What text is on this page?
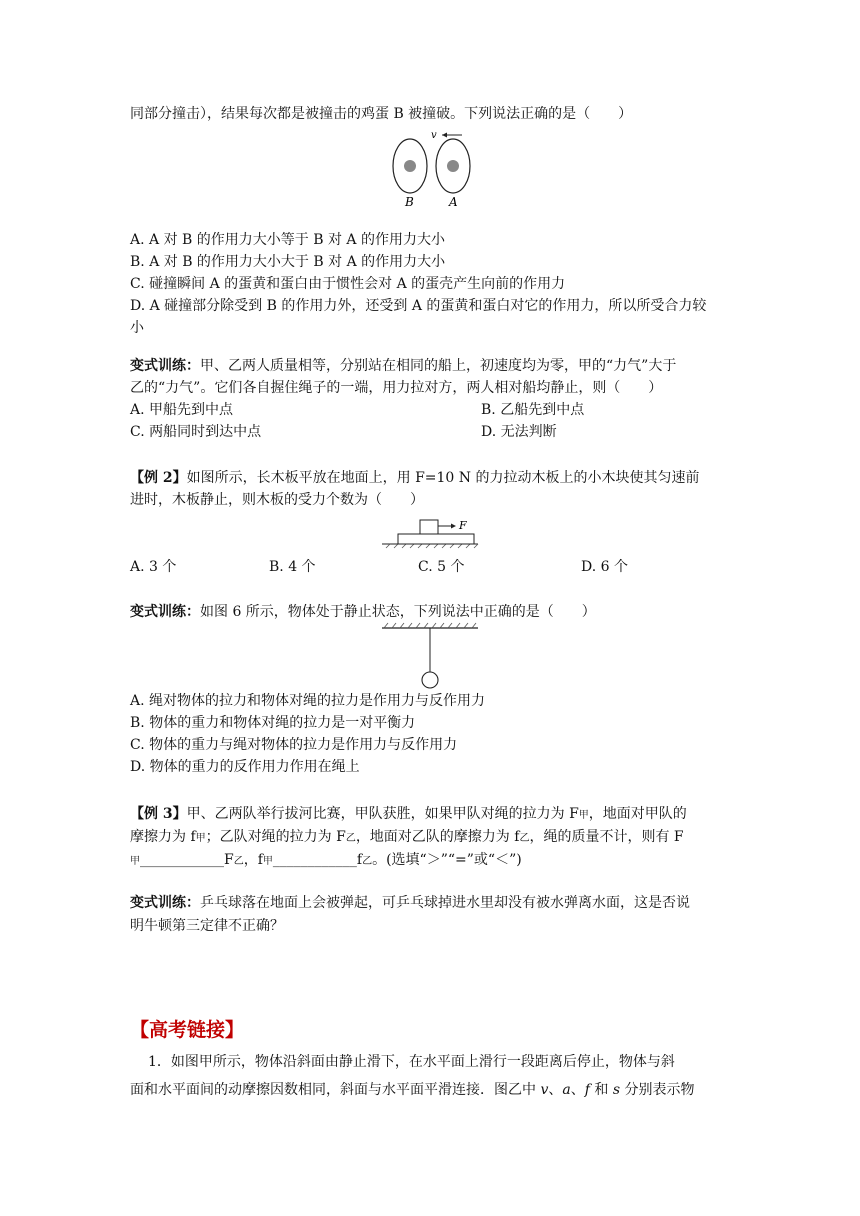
同部分撞击），结果每次都是被撞击的鸡蛋 B 被撞破。下列说法正确的是（　　）
v
B	A
A. A 对 B 的作用力大小等于 B 对 A 的作用力大小
B. A 对 B 的作用力大小大于 B 对 A 的作用力大小
C. 碰撞瞬间 A 的蛋黄和蛋白由于惯性会对 A 的蛋壳产生向前的作用力
D. A 碰撞部分除受到 B 的作用力外，还受到 A 的蛋黄和蛋白对它的作用力，所以所受合力较
小
变式训练：甲、乙两人质量相等，分别站在相同的船上，初速度均为零，甲的“力气”大于
乙的“力气”。它们各自握住绳子的一端，用力拉对方，两人相对船均静止，则（　　）
A. 甲船先到中点	B. 乙船先到中点
C. 两船同时到达中点	D. 无法判断
【例 2】如图所示，长木板平放在地面上，用 F=10 N 的力拉动木板上的小木块使其匀速前
进时，木板静止，则木板的受力个数为（　　）
F
A. 3 个	B. 4 个	C. 5 个	D. 6 个
变式训练：如图 6 所示，物体处于静止状态，下列说法中正确的是（　　）
A. 绳对物体的拉力和物体对绳的拉力是作用力与反作用力
B. 物体的重力和物体对绳的拉力是一对平衡力
C. 物体的重力与绳对物体的拉力是作用力与反作用力
D. 物体的重力的反作用力作用在绳上
【例 3】甲、乙两队举行拔河比赛，甲队获胜，如果甲队对绳的拉力为 F甲，地面对甲队的
摩擦力为 f甲；乙队对绳的拉力为 F乙，地面对乙队的摩擦力为 f乙，绳的质量不计，则有 F
甲____________F乙，f甲____________f乙。(选填“＞”“=”或“＜”)
变式训练：乒乓球落在地面上会被弹起，可乒乓球掉进水里却没有被水弹离水面，这是否说
明牛顿第三定律不正确？
【高考链接】
1．如图甲所示，物体沿斜面由静止滑下，在水平面上滑行一段距离后停止，物体与斜
面和水平面间的动摩擦因数相同，斜面与水平面平滑连接．图乙中 v、a、f 和 s 分别表示物
